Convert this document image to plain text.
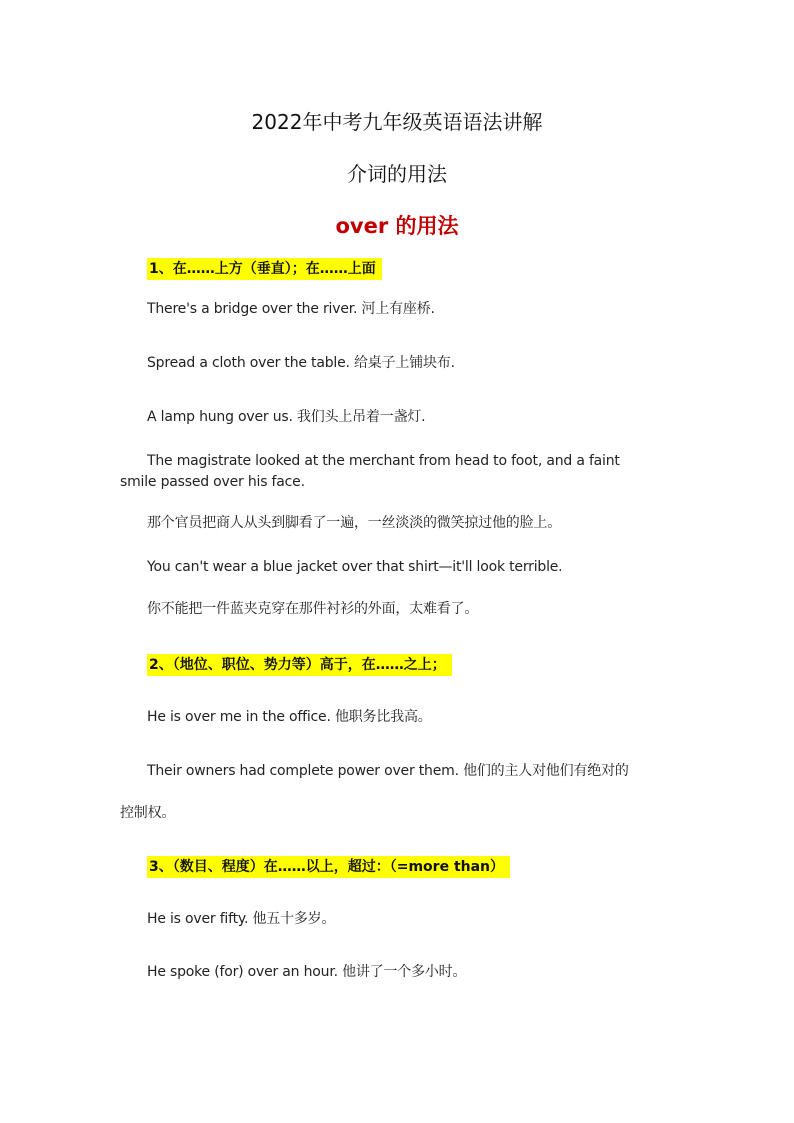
2022年中考九年级英语语法讲解
介词的用法
over 的用法
1、在……上方（垂直）；在……上面
There's a bridge over the river. 河上有座桥.
Spread a cloth over the table. 给桌子上铺块布.
A lamp hung over us. 我们头上吊着一盏灯.
The magistrate looked at the merchant from head to foot, and a faint
smile passed over his face.
那个官员把商人从头到脚看了一遍，一丝淡淡的微笑掠过他的脸上。
You can't wear a blue jacket over that shirt—it'll look terrible.
你不能把一件蓝夹克穿在那件衬衫的外面，太难看了。
2、（地位、职位、势力等）高于，在……之上；
He is over me in the office. 他职务比我高。
Their owners had complete power over them. 他们的主人对他们有绝对的
控制权。
3、（数目、程度）在……以上，超过：（=more than）
He is over fifty. 他五十多岁。
He spoke (for) over an hour. 他讲了一个多小时。
